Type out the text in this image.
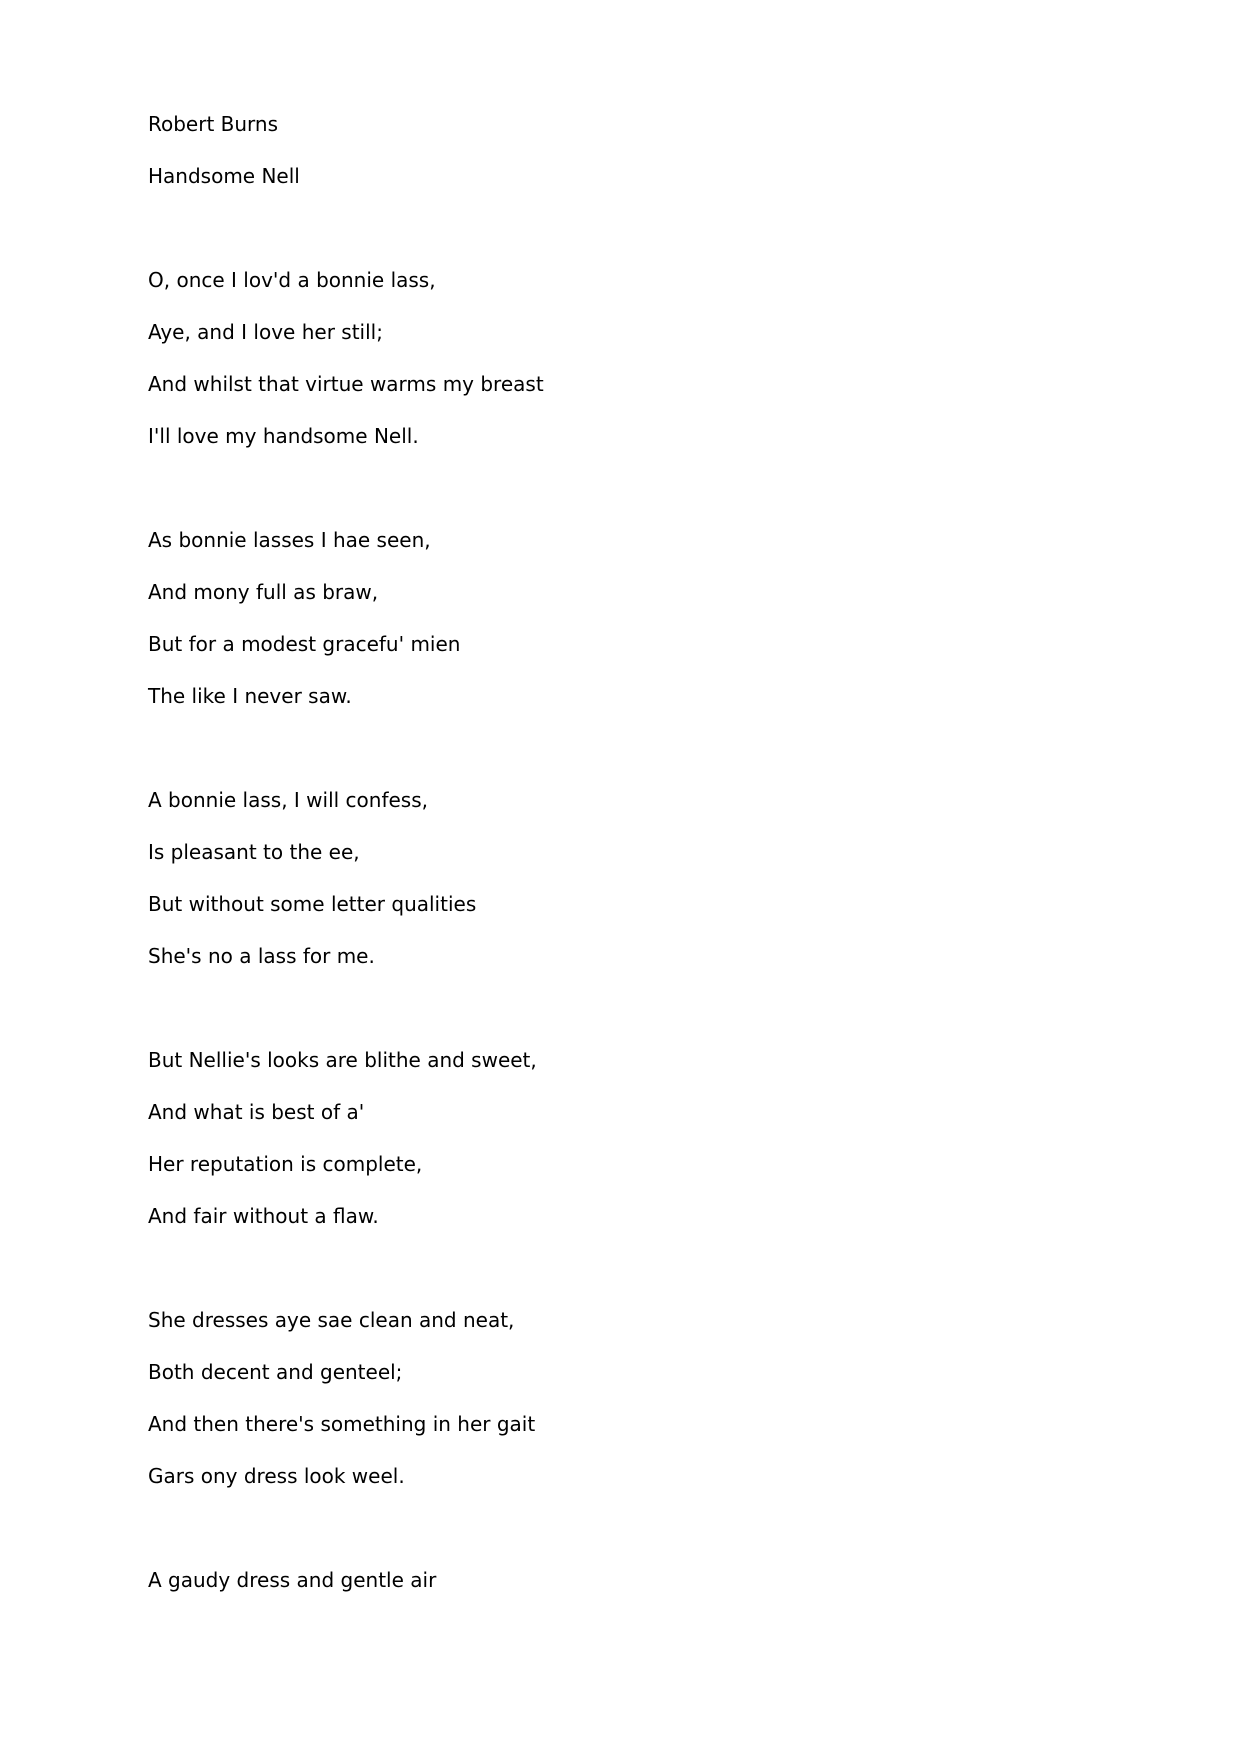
Robert Burns
Handsome Nell
O, once I lov'd a bonnie lass,
Aye, and I love her still;
And whilst that virtue warms my breast
I'll love my handsome Nell.
As bonnie lasses I hae seen,
And mony full as braw,
But for a modest gracefu' mien
The like I never saw.
A bonnie lass, I will confess,
Is pleasant to the ee,
But without some letter qualities
She's no a lass for me.
But Nellie's looks are blithe and sweet,
And what is best of a'
Her reputation is complete,
And fair without a flaw.
She dresses aye sae clean and neat,
Both decent and genteel;
And then there's something in her gait
Gars ony dress look weel.
A gaudy dress and gentle air
